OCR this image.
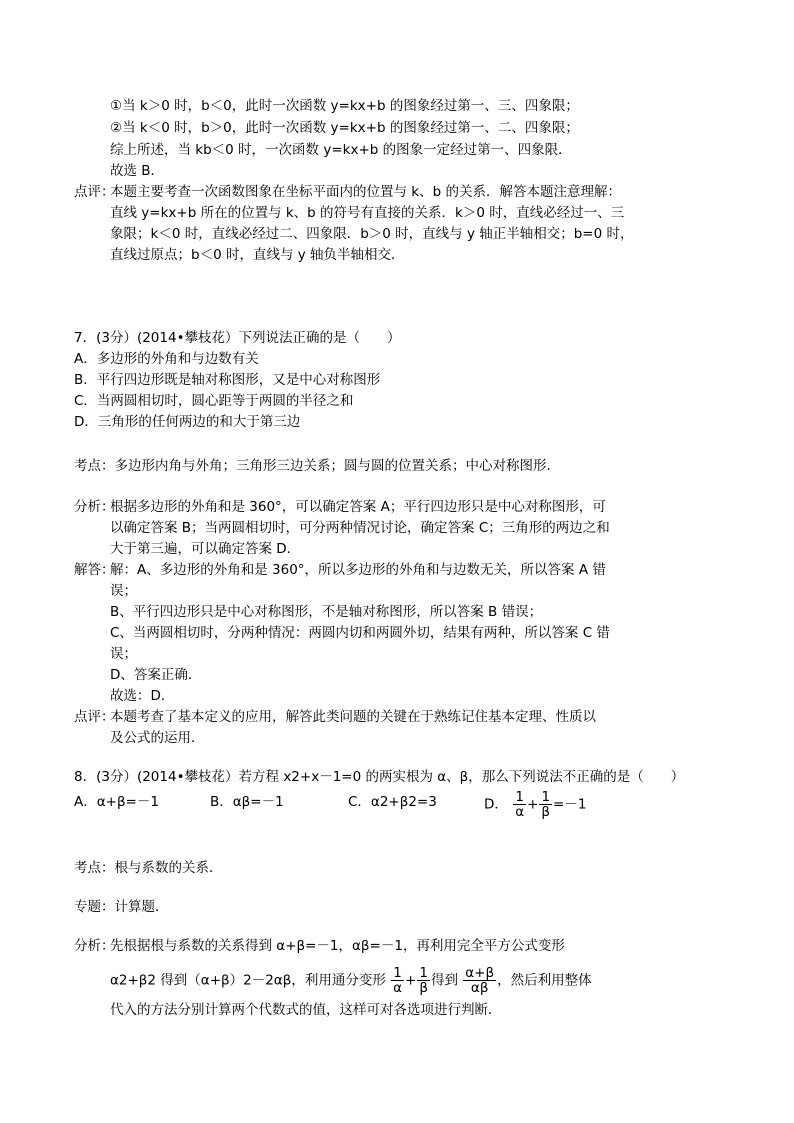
①当 k＞0 时，b＜0，此时一次函数 y=kx+b 的图象经过第一、三、四象限；
②当 k＜0 时，b＞0，此时一次函数 y=kx+b 的图象经过第一、二、四象限；
综上所述，当 kb＜0 时，一次函数 y=kx+b 的图象一定经过第一、四象限．
故选 B．
点评：
本题主要考查一次函数图象在坐标平面内的位置与 k、b 的关系．解答本题注意理解：
直线 y=kx+b 所在的位置与 k、b 的符号有直接的关系．k＞0 时，直线必经过一、三
象限；k＜0 时，直线必经过二、四象限．b＞0 时，直线与 y 轴正半轴相交；b=0 时，
直线过原点；b＜0 时，直线与 y 轴负半轴相交．
7．(3分）(2014•攀枝花）下列说法正确的是（　　）
A．多边形的外角和与边数有关
B．平行四边形既是轴对称图形，又是中心对称图形
C．当两圆相切时，圆心距等于两圆的半径之和
D．三角形的任何两边的和大于第三边
考点：多边形内角与外角；三角形三边关系；圆与圆的位置关系；中心对称图形．
分析：
根据多边形的外角和是 360°，可以确定答案 A；平行四边形只是中心对称图形，可
以确定答案 B；当两圆相切时，可分两种情况讨论，确定答案 C；三角形的两边之和
大于第三遍，可以确定答案 D．
解答：
解：A、多边形的外角和是 360°，所以多边形的外角和与边数无关，所以答案 A 错
误；
B、平行四边形只是中心对称图形，不是轴对称图形，所以答案 B 错误；
C、当两圆相切时，分两种情况：两圆内切和两圆外切，结果有两种，所以答案 C 错
误；
D、答案正确．
故选：D．
点评：
本题考查了基本定义的应用，解答此类问题的关键在于熟练记住基本定理、性质以
及公式的运用．
8．(3分）(2014•攀枝花）若方程 x2+x－1=0 的两实根为 α、β，那么下列说法不正确的是（　　）
A．α+β=－1	B．αβ=－1	C．α2+β2=3	D． $\frac{1}{\alpha} + \frac{1}{\beta} =-1$
考点：根与系数的关系．
专题：计算题．
分析：
先根据根与系数的关系得到 α+β=－1，αβ=－1，再利用完全平方公式变形
α2+β2 得到（α+β）2－2αβ，利用通分变形 $\frac{1}{\alpha} + \frac{1}{\beta}$ 得到 $\frac{\alpha+\beta}{\alpha\beta}$ ，然后利用整体
代入的方法分别计算两个代数式的值，这样可对各选项进行判断．
